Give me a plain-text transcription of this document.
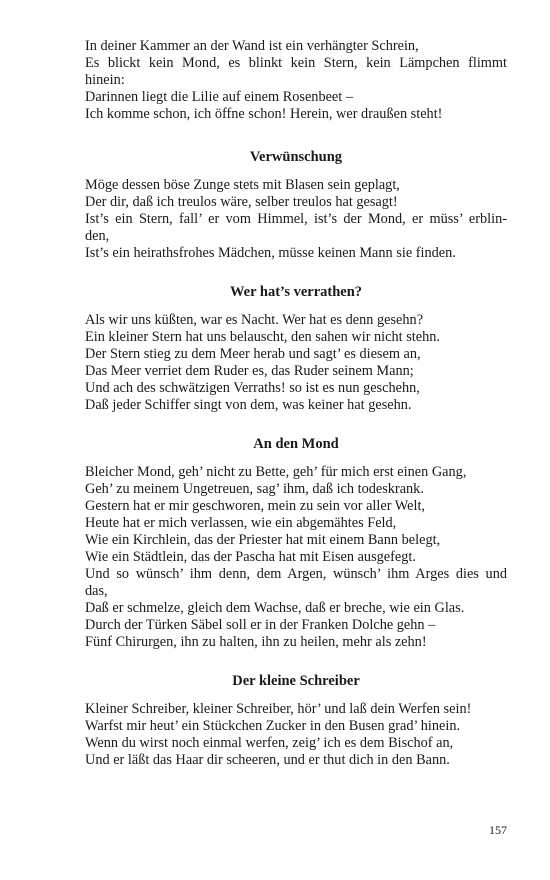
In deiner Kammer an der Wand ist ein verhängter Schrein,
Es blickt kein Mond, es blinkt kein Stern, kein Lämpchen flimmt
hinein:
Darinnen liegt die Lilie auf einem Rosenbeet –
Ich komme schon, ich öffne schon! Herein, wer draußen steht!
Verwünschung
Möge dessen böse Zunge stets mit Blasen sein geplagt,
Der dir, daß ich treulos wäre, selber treulos hat gesagt!
Ist’s ein Stern, fall’ er vom Himmel, ist’s der Mond, er müss’ erblin-
den,
Ist’s ein heirathsfrohes Mädchen, müsse keinen Mann sie finden.
Wer hat’s verrathen?
Als wir uns küßten, war es Nacht. Wer hat es denn gesehn?
Ein kleiner Stern hat uns belauscht, den sahen wir nicht stehn.
Der Stern stieg zu dem Meer herab und sagt’ es diesem an,
Das Meer verriet dem Ruder es, das Ruder seinem Mann;
Und ach des schwätzigen Verraths! so ist es nun geschehn,
Daß jeder Schiffer singt von dem, was keiner hat gesehn.
An den Mond
Bleicher Mond, geh’ nicht zu Bette, geh’ für mich erst einen Gang,
Geh’ zu meinem Ungetreuen, sag’ ihm, daß ich todeskrank.
Gestern hat er mir geschworen, mein zu sein vor aller Welt,
Heute hat er mich verlassen, wie ein abgemähtes Feld,
Wie ein Kirchlein, das der Priester hat mit einem Bann belegt,
Wie ein Städtlein, das der Pascha hat mit Eisen ausgefegt.
Und so wünsch’ ihm denn, dem Argen, wünsch’ ihm Arges dies und
das,
Daß er schmelze, gleich dem Wachse, daß er breche, wie ein Glas.
Durch der Türken Säbel soll er in der Franken Dolche gehn –
Fünf Chirurgen, ihn zu halten, ihn zu heilen, mehr als zehn!
Der kleine Schreiber
Kleiner Schreiber, kleiner Schreiber, hör’ und laß dein Werfen sein!
Warfst mir heut’ ein Stückchen Zucker in den Busen grad’ hinein.
Wenn du wirst noch einmal werfen, zeig’ ich es dem Bischof an,
Und er läßt das Haar dir scheeren, und er thut dich in den Bann.
157
